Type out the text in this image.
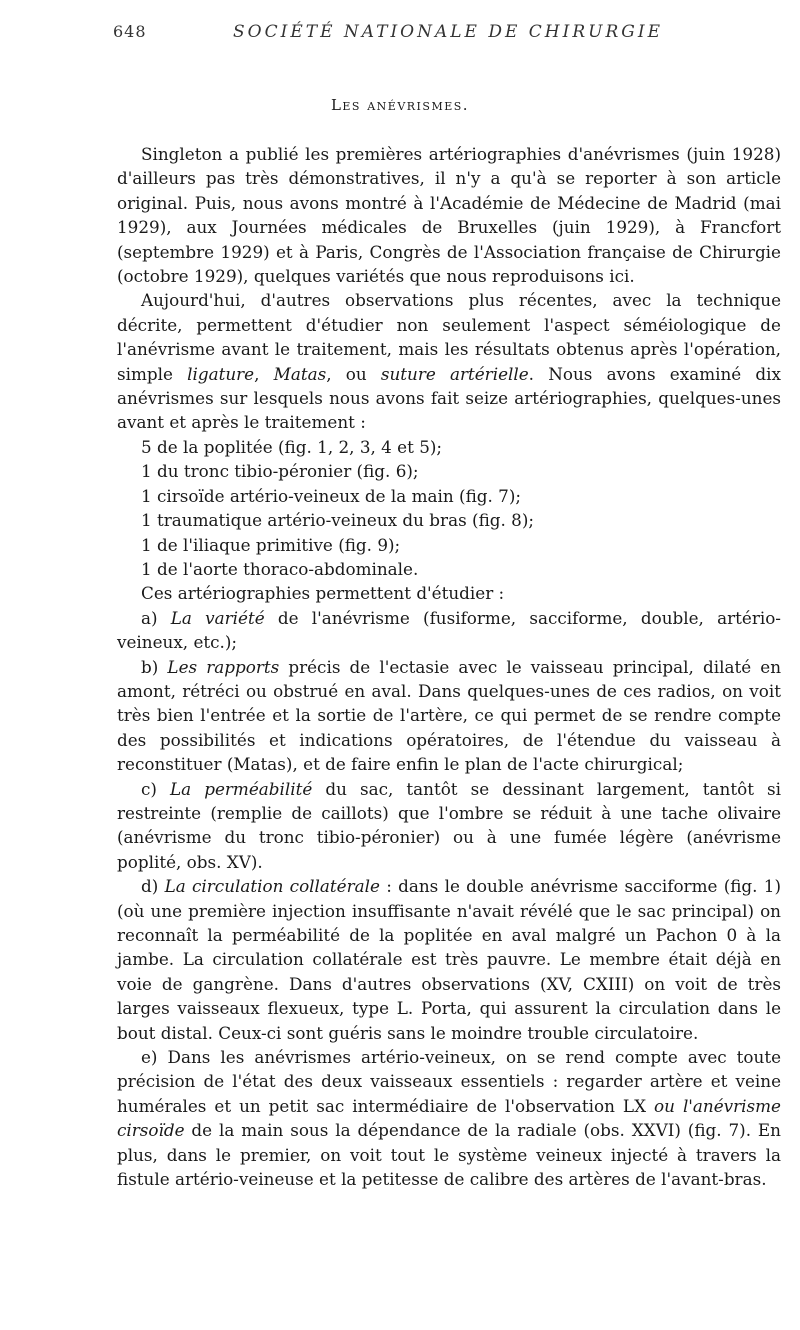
648	SOCIÉTÉ NATIONALE DE CHIRURGIE
Les anévrismes.

Singleton a publié les premières artériographies d'anévrismes (juin 1928) d'ailleurs pas très démonstratives, il n'y a qu'à se reporter à son article original. Puis, nous avons montré à l'Académie de Médecine de Madrid (mai 1929), aux Journées médicales de Bruxelles (juin 1929), à Francfort (septembre 1929) et à Paris, Congrès de l'Association française de Chirurgie (octobre 1929), quelques variétés que nous reproduisons ici.

Aujourd'hui, d'autres observations plus récentes, avec la technique décrite, permettent d'étudier non seulement l'aspect séméiologique de l'anévrisme avant le traitement, mais les résultats obtenus après l'opération, simple ligature, Matas, ou suture artérielle. Nous avons examiné dix anévrismes sur lesquels nous avons fait seize artériographies, quelques-unes avant et après le traitement :

5 de la poplitée (fig. 1, 2, 3, 4 et 5);

1 du tronc tibio-péronier (fig. 6);

1 cirsoïde artério-veineux de la main (fig. 7);

1 traumatique artério-veineux du bras (fig. 8);

1 de l'iliaque primitive (fig. 9);

1 de l'aorte thoraco-abdominale.

Ces artériographies permettent d'étudier :

a) La variété de l'anévrisme (fusiforme, sacciforme, double, artério-veineux, etc.);

b) Les rapports précis de l'ectasie avec le vaisseau principal, dilaté en amont, rétréci ou obstrué en aval. Dans quelques-unes de ces radios, on voit très bien l'entrée et la sortie de l'artère, ce qui permet de se rendre compte des possibilités et indications opératoires, de l'étendue du vaisseau à reconstituer (Matas), et de faire enfin le plan de l'acte chirurgical;

c) La perméabilité du sac, tantôt se dessinant largement, tantôt si restreinte (remplie de caillots) que l'ombre se réduit à une tache olivaire (anévrisme du tronc tibio-péronier) ou à une fumée légère (anévrisme poplité, obs. XV).

d) La circulation collatérale : dans le double anévrisme sacciforme (fig. 1) (où une première injection insuffisante n'avait révélé que le sac principal) on reconnaît la perméabilité de la poplitée en aval malgré un Pachon 0 à la jambe. La circulation collatérale est très pauvre. Le membre était déjà en voie de gangrène. Dans d'autres observations (XV, CXIII) on voit de très larges vaisseaux flexueux, type L. Porta, qui assurent la circulation dans le bout distal. Ceux-ci sont guéris sans le moindre trouble circulatoire.

e) Dans les anévrismes artério-veineux, on se rend compte avec toute précision de l'état des deux vaisseaux essentiels : regarder artère et veine humérales et un petit sac intermédiaire de l'observation LX ou l'anévrisme cirsoïde de la main sous la dépendance de la radiale (obs. XXVI) (fig. 7). En plus, dans le premier, on voit tout le système veineux injecté à travers la fistule artério-veineuse et la petitesse de calibre des artères de l'avant-bras.
